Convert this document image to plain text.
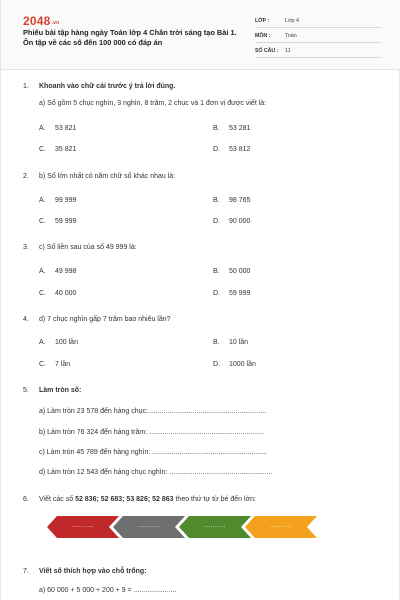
2048.vn
Phiếu bài tập hàng ngày Toán lớp 4 Chân trời sáng tạo Bài 1. Ôn tập về các số đến 100 000 có đáp án
LỚP :	Lớp 4
MÔN :	Toán
SỐ CÂU : 11
1. Khoanh vào chữ cái trước ý trả lời đúng.
a) Số gồm 5 chục nghìn, 3 nghìn, 8 trăm, 2 chục và 1 đơn vị được viết là:
A. 53 821	B. 53 281
C. 35 821	D. 53 812
2. b) Số lớn nhất có năm chữ số khác nhau là:
A. 99 999	B. 98 765
C. 59 999	D. 90 000
3. c) Số liền sau của số 49 999 là:
A. 49 998	B. 50 000
C. 40 000	D. 59 999
4. d) 7 chục nghìn gấp 7 trăm bao nhiêu lần?
A. 100 lần	B. 10 lần
C. 7 lần	D. 1000 lần
5. Làm tròn số:
a) Làm tròn 23 578 đến hàng chục:.............................................................
b) Làm tròn 76 324 đến hàng trăm: ...........................................................
c) Làm tròn 45 789 đến hàng nghìn: ...........................................................
d) Làm tròn 12 543 đến hàng chục nghìn: .....................................................
6. Viết các số 52 836; 52 683; 53 826; 52 863 theo thứ tự từ bé đến lớn:
..........	..........	..........	..........
7. Viết số thích hợp vào chỗ trống:
a) 60 000 + 5 000 + 200 + 9 = ......................
